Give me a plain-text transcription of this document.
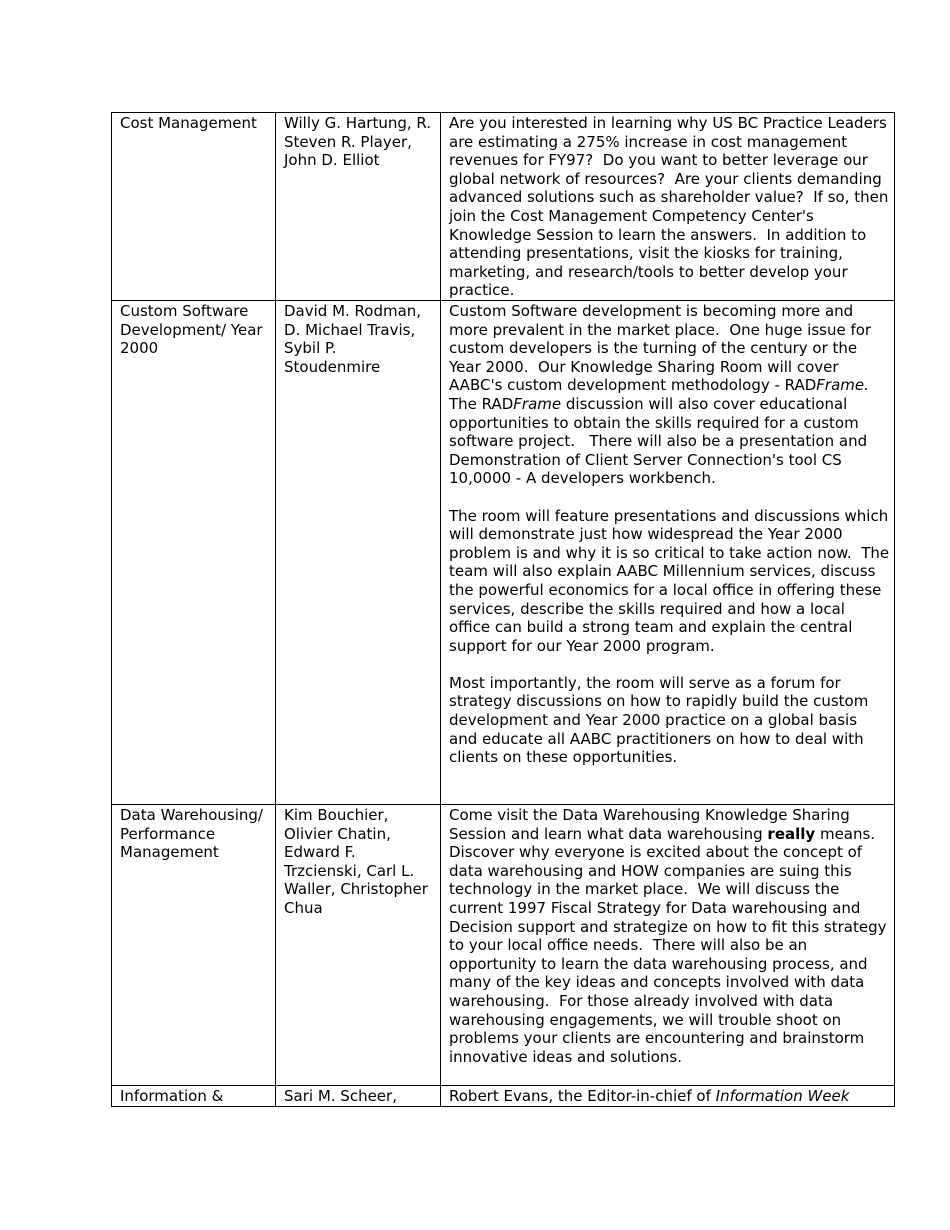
Cost Management	Willy G. Hartung, R. Steven R. Player, John D. Elliot	Are you interested in learning why US BC Practice Leaders are estimating a 275% increase in cost management revenues for FY97?  Do you want to better leverage our global network of resources?  Are your clients demanding advanced solutions such as shareholder value?  If so, then join the Cost Management Competency Center's Knowledge Session to learn the answers.  In addition to attending presentations, visit the kiosks for training, marketing, and research/tools to better develop your practice.

Custom Software Development/ Year 2000	David M. Rodman, D. Michael Travis, Sybil P. Stoudenmire	Custom Software development is becoming more and more prevalent in the market place.  One huge issue for custom developers is the turning of the century or the Year 2000.  Our Knowledge Sharing Room will cover AABC's custom development methodology - RADFrame.  The RADFrame discussion will also cover educational opportunities to obtain the skills required for a custom software project.   There will also be a presentation and Demonstration of Client Server Connection's tool CS 10,0000 - A developers workbench.

The room will feature presentations and discussions which will demonstrate just how widespread the Year 2000 problem is and why it is so critical to take action now.  The team will also explain AABC Millennium services, discuss the powerful economics for a local office in offering these services, describe the skills required and how a local office can build a strong team and explain the central support for our Year 2000 program.

Most importantly, the room will serve as a forum for strategy discussions on how to rapidly build the custom development and Year 2000 practice on a global basis and educate all AABC practitioners on how to deal with clients on these opportunities.

Data Warehousing/ Performance Management	Kim Bouchier, Olivier Chatin, Edward F. Trzcienski, Carl L. Waller, Christopher Chua	Come visit the Data Warehousing Knowledge Sharing Session and learn what data warehousing really means.  Discover why everyone is excited about the concept of data warehousing and HOW companies are suing this technology in the market place.  We will discuss the current 1997 Fiscal Strategy for Data warehousing and Decision support and strategize on how to fit this strategy to your local office needs.  There will also be an opportunity to learn the data warehousing process, and many of the key ideas and concepts involved with data warehousing.  For those already involved with data warehousing engagements, we will trouble shoot on problems your clients are encountering and brainstorm innovative ideas and solutions.

Information &	Sari M. Scheer,	Robert Evans, the Editor-in-chief of Information Week
